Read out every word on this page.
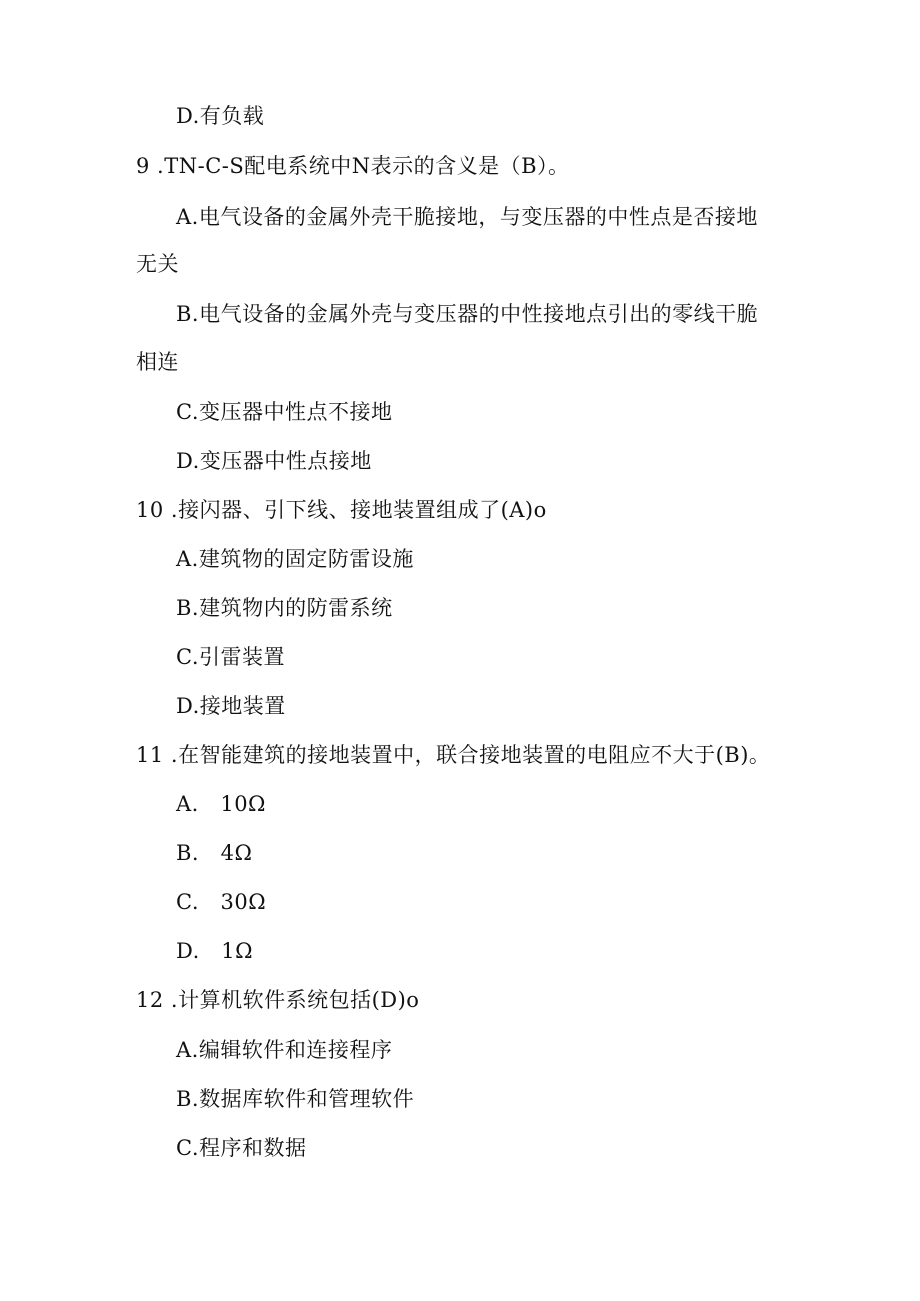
D.有负载
9 .TN-C-S配电系统中N表示的含义是（B）。
A.电气设备的金属外壳干脆接地，与变压器的中性点是否接地
无关
B.电气设备的金属外壳与变压器的中性接地点引出的零线干脆
相连
C.变压器中性点不接地
D.变压器中性点接地
10 .接闪器、引下线、接地装置组成了(A)o
A.建筑物的固定防雷设施
B.建筑物内的防雷系统
C.引雷装置
D.接地装置
11 .在智能建筑的接地装置中，联合接地装置的电阻应不大于(B)。
A.　10Ω
B.　4Ω
C.　30Ω
D.　1Ω
12 .计算机软件系统包括(D)o
A.编辑软件和连接程序
B.数据库软件和管理软件
C.程序和数据
